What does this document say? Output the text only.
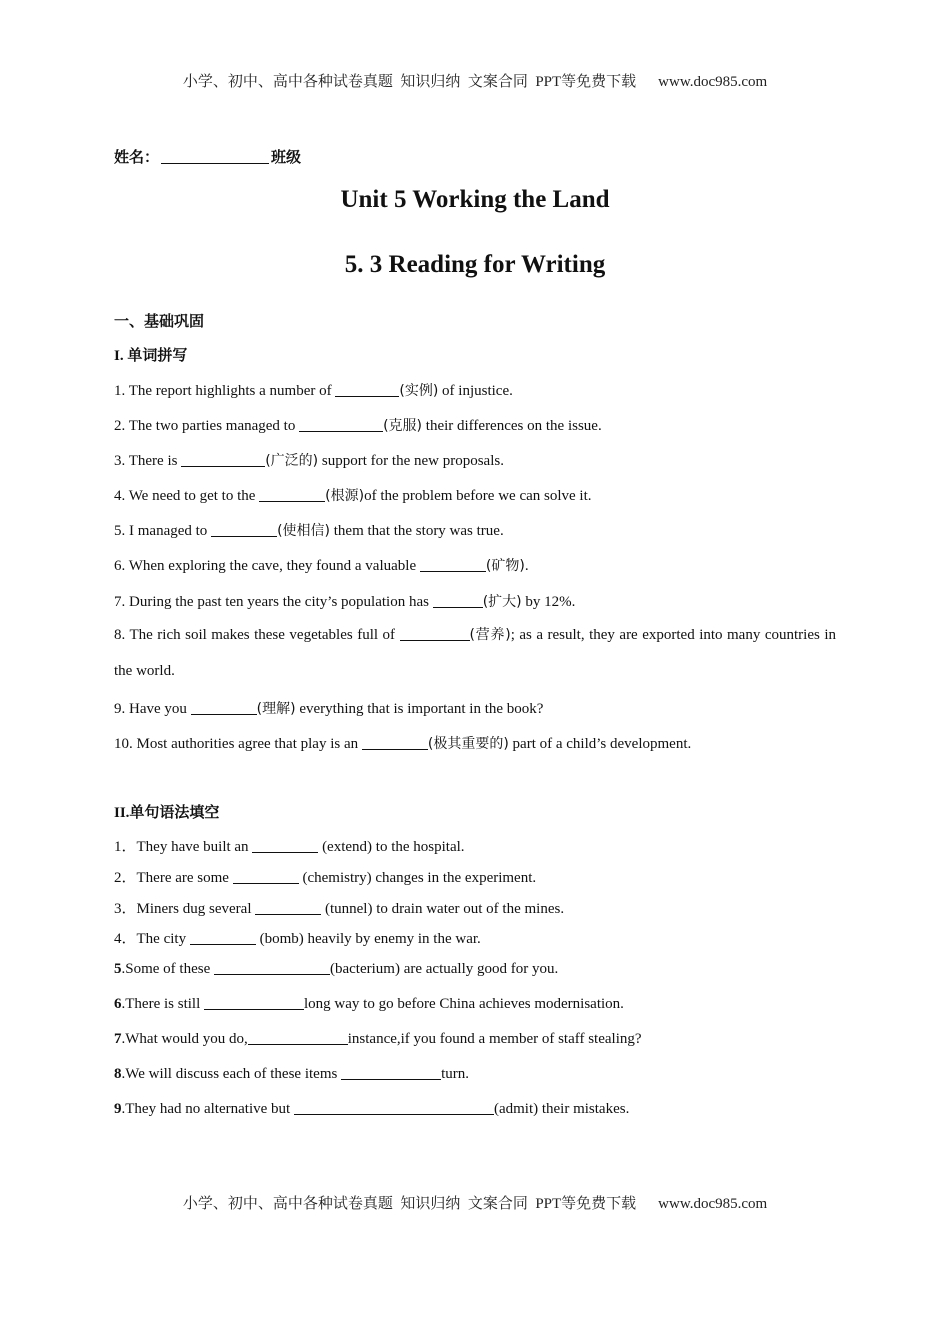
小学、初中、高中各种试卷真题  知识归纳  文案合同  PPT等免费下载 www.doc985.com
姓名：	班级
Unit 5 Working the Land
5. 3 Reading for Writing
一、基础巩固
I. 单词拼写
1. The report highlights a number of	(实例) of injustice.
2. The two parties managed to	(克服) their differences on the issue.
3. There is	(广泛的) support for the new proposals.
4. We need to get to the	(根源)of the problem before we can solve it.
5. I managed to	(使相信) them that the story was true.
6. When exploring the cave, they found a valuable	(矿物).
7. During the past ten years the city’s population has	(扩大) by 12%.
8. The rich soil makes these vegetables full of	(营养); as a result, they are exported into many countries in the world.
9. Have you	(理解) everything that is important in the book?
10. Most authorities agree that play is an	(极其重要的) part of a child’s development.
II.单句语法填空
1．They have built an	(extend) to the hospital.
2．There are some	(chemistry) changes in the experiment.
3．Miners dug several	(tunnel) to drain water out of the mines.
4．The city	(bomb) heavily by enemy in the war.
5.Some of these	(bacterium) are actually good for you.
6.There is still	long way to go before China achieves modernisation.
7.What would you do,	instance,if you found a member of staff stealing?
8.We will discuss each of these items	turn.
9.They had no alternative but	(admit) their mistakes.
小学、初中、高中各种试卷真题  知识归纳  文案合同  PPT等免费下载 www.doc985.com
